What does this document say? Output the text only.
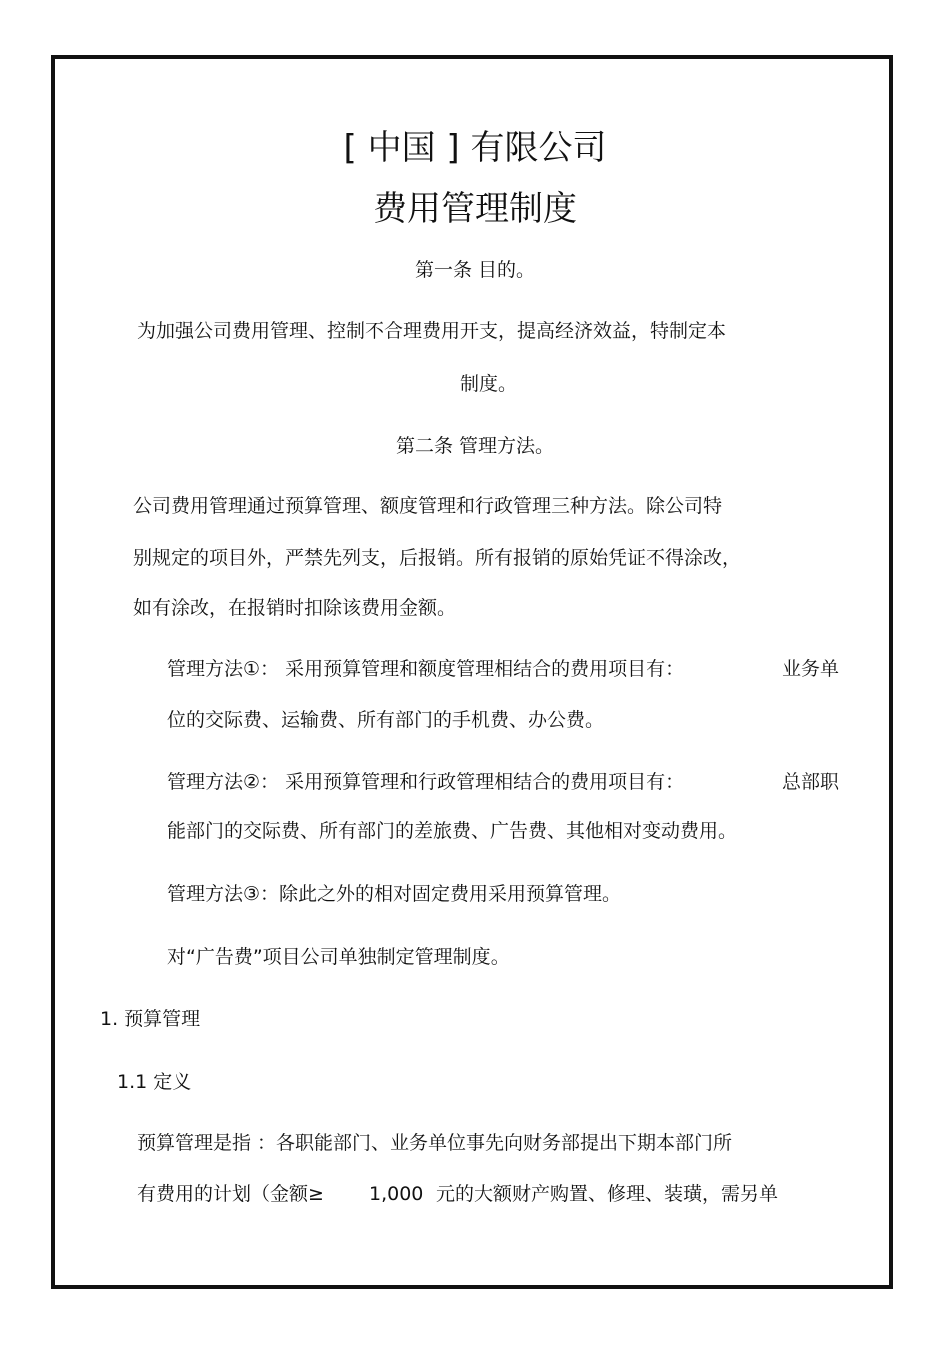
[ 中国 ] 有限公司
费用管理制度
第一条 目的。
为加强公司费用管理、控制不合理费用开支，提高经济效益，特制定本
制度。
第二条 管理方法。
公司费用管理通过预算管理、额度管理和行政管理三种方法。除公司特
别规定的项目外，严禁先列支，后报销。所有报销的原始凭证不得涂改，
如有涂改，在报销时扣除该费用金额。
管理方法①： 采用预算管理和额度管理相结合的费用项目有：	业务单
位的交际费、运输费、所有部门的手机费、办公费。
管理方法②： 采用预算管理和行政管理相结合的费用项目有：	总部职
能部门的交际费、所有部门的差旅费、广告费、其他相对变动费用。
管理方法③：除此之外的相对固定费用采用预算管理。
对“广告费”项目公司单独制定管理制度。
1. 预算管理
1.1 定义
预算管理是指 ：各职能部门、业务单位事先向财务部提出下期本部门所
有费用的计划（金额≥ 1,000 元的大额财产购置、修理、装璜，需另单
